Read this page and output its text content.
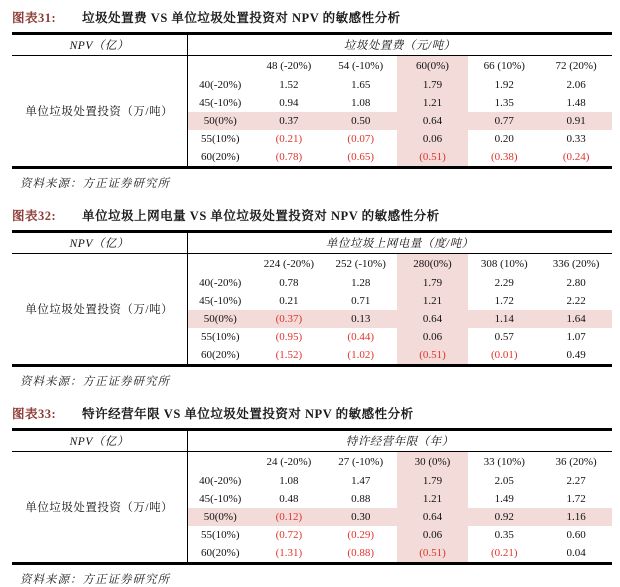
图表31: 垃圾处置费 VS 单位垃圾处置投资对 NPV 的敏感性分析
NPV（亿）	垃圾处置费（元/吨）					
单位垃圾处置投资（万/吨）		48 (-20%)	54 (-10%)	60(0%)	66 (10%)	72 (20%)
	40(-20%)	1.52	1.65	1.79	1.92	2.06
	45(-10%)	0.94	1.08	1.21	1.35	1.48
	50(0%)	0.37	0.50	0.64	0.77	0.91
	55(10%)	(0.21)	(0.07)	0.06	0.20	0.33
	60(20%)	(0.78)	(0.65)	(0.51)	(0.38)	(0.24)
资料来源：方正证券研究所
图表32: 单位垃圾上网电量 VS 单位垃圾处置投资对 NPV 的敏感性分析
NPV（亿）	单位垃圾上网电量（度/吨）					
单位垃圾处置投资（万/吨）		224 (-20%)	252 (-10%)	280(0%)	308 (10%)	336 (20%)
	40(-20%)	0.78	1.28	1.79	2.29	2.80
	45(-10%)	0.21	0.71	1.21	1.72	2.22
	50(0%)	(0.37)	0.13	0.64	1.14	1.64
	55(10%)	(0.95)	(0.44)	0.06	0.57	1.07
	60(20%)	(1.52)	(1.02)	(0.51)	(0.01)	0.49
资料来源：方正证券研究所
图表33: 特许经营年限 VS 单位垃圾处置投资对 NPV 的敏感性分析
NPV（亿）	特许经营年限（年）					
单位垃圾处置投资（万/吨）		24 (-20%)	27 (-10%)	30 (0%)	33 (10%)	36 (20%)
	40(-20%)	1.08	1.47	1.79	2.05	2.27
	45(-10%)	0.48	0.88	1.21	1.49	1.72
	50(0%)	(0.12)	0.30	0.64	0.92	1.16
	55(10%)	(0.72)	(0.29)	0.06	0.35	0.60
	60(20%)	(1.31)	(0.88)	(0.51)	(0.21)	0.04
资料来源：方正证券研究所
